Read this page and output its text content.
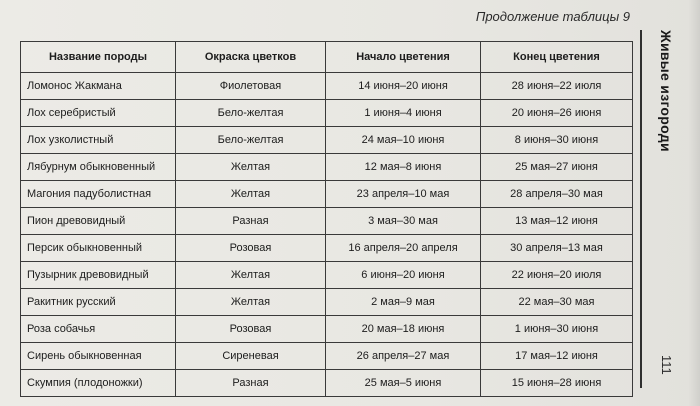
Продолжение таблицы 9
Название породы	Окраска цветков	Начало цветения	Конец цветения
Ломонос Жакмана	Фиолетовая	14 июня–20 июня	28 июня–22 июля
Лох серебристый	Бело-желтая	1 июня–4 июня	20 июня–26 июня
Лох узколистный	Бело-желтая	24 мая–10 июня	8 июня–30 июня
Лябурнум обыкновенный	Желтая	12 мая–8 июня	25 мая–27 июня
Магония падуболистная	Желтая	23 апреля–10 мая	28 апреля–30 мая
Пион древовидный	Разная	3 мая–30 мая	13 мая–12 июня
Персик обыкновенный	Розовая	16 апреля–20 апреля	30 апреля–13 мая
Пузырник древовидный	Желтая	6 июня–20 июня	22 июня–20 июля
Ракитник русский	Желтая	2 мая–9 мая	22 мая–30 мая
Роза собачья	Розовая	20 мая–18 июня	1 июня–30 июня
Сирень обыкновенная	Сиреневая	26 апреля–27 мая	17 мая–12 июня
Скумпия (плодоножки)	Разная	25 мая–5 июня	15 июня–28 июня
Живые изгороди
111
